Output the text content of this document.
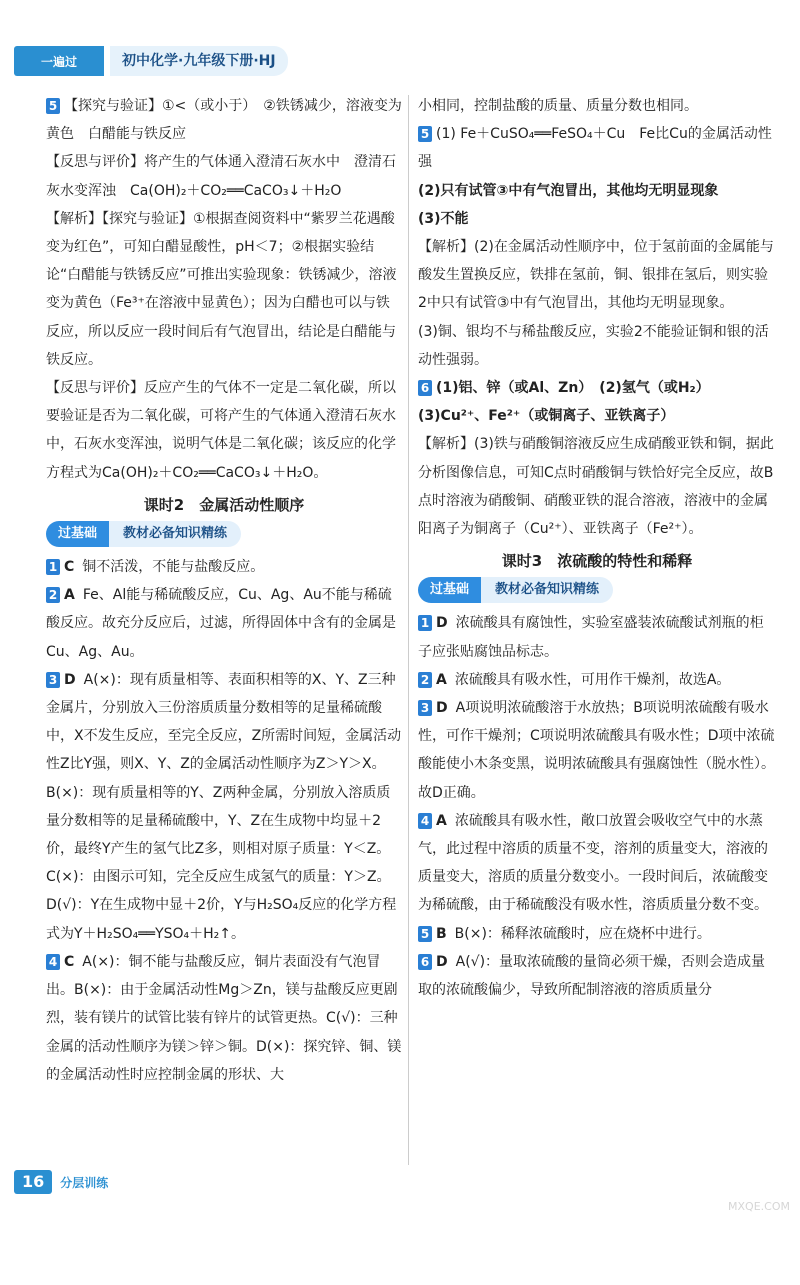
一遍过	初中化学·九年级下册·HJ

5 【探究与验证】①<（或小于）　②铁锈减少，溶液变为黄色　白醋能与铁反应

【反思与评价】将产生的气体通入澄清石灰水中　澄清石灰水变浑浊　Ca(OH)₂＋CO₂══CaCO₃↓＋H₂O

【解析】【探究与验证】①根据查阅资料中“紫罗兰花遇酸变为红色”，可知白醋显酸性，pH＜7；②根据实验结论“白醋能与铁锈反应”可推出实验现象：铁锈减少，溶液变为黄色（Fe³⁺在溶液中显黄色）；因为白醋也可以与铁反应，所以反应一段时间后有气泡冒出，结论是白醋能与铁反应。

【反思与评价】反应产生的气体不一定是二氧化碳，所以要验证是否为二氧化碳，可将产生的气体通入澄清石灰水中，石灰水变浑浊，说明气体是二氧化碳；该反应的化学方程式为Ca(OH)₂＋CO₂══CaCO₃↓＋H₂O。

课时2　金属活动性顺序
过基础	教材必备知识精练

1 C 铜不活泼，不能与盐酸反应。

2 A Fe、Al能与稀硫酸反应，Cu、Ag、Au不能与稀硫酸反应。故充分反应后，过滤，所得固体中含有的金属是Cu、Ag、Au。

3 D A(×)：现有质量相等、表面积相等的X、Y、Z三种金属片，分别放入三份溶质质量分数相等的足量稀硫酸中，X不发生反应，至完全反应，Z所需时间短，金属活动性Z比Y强，则X、Y、Z的金属活动性顺序为Z＞Y＞X。B(×)：现有质量相等的Y、Z两种金属，分别放入溶质质量分数相等的足量稀硫酸中，Y、Z在生成物中均显＋2价，最终Y产生的氢气比Z多，则相对原子质量：Y＜Z。C(×)：由图示可知，完全反应生成氢气的质量：Y＞Z。D(√)：Y在生成物中显＋2价，Y与H₂SO₄反应的化学方程式为Y＋H₂SO₄══YSO₄＋H₂↑。

4 C A(×)：铜不能与盐酸反应，铜片表面没有气泡冒出。B(×)：由于金属活动性Mg＞Zn，镁与盐酸反应更剧烈，装有镁片的试管比装有锌片的试管更热。C(√)：三种金属的活动性顺序为镁＞锌＞铜。D(×)：探究锌、铜、镁的金属活动性时应控制金属的形状、大

小相同，控制盐酸的质量、质量分数也相同。

5 (1) Fe＋CuSO₄══FeSO₄＋Cu　Fe比Cu的金属活动性强

(2)只有试管③中有气泡冒出，其他均无明显现象

(3)不能

【解析】(2)在金属活动性顺序中，位于氢前面的金属能与酸发生置换反应，铁排在氢前，铜、银排在氢后，则实验2中只有试管③中有气泡冒出，其他均无明显现象。

(3)铜、银均不与稀盐酸反应，实验2不能验证铜和银的活动性强弱。

6 (1)铝、锌（或Al、Zn）　(2)氢气（或H₂）

(3)Cu²⁺、Fe²⁺（或铜离子、亚铁离子）

【解析】(3)铁与硝酸铜溶液反应生成硝酸亚铁和铜，据此分析图像信息，可知C点时硝酸铜与铁恰好完全反应，故B点时溶液为硝酸铜、硝酸亚铁的混合溶液，溶液中的金属阳离子为铜离子（Cu²⁺）、亚铁离子（Fe²⁺）。

课时3　浓硫酸的特性和稀释
过基础	教材必备知识精练

1 D 浓硫酸具有腐蚀性，实验室盛装浓硫酸试剂瓶的柜子应张贴腐蚀品标志。

2 A 浓硫酸具有吸水性，可用作干燥剂，故选A。

3 D A项说明浓硫酸溶于水放热；B项说明浓硫酸有吸水性，可作干燥剂；C项说明浓硫酸具有吸水性；D项中浓硫酸能使小木条变黑，说明浓硫酸具有强腐蚀性（脱水性）。故D正确。

4 A 浓硫酸具有吸水性，敞口放置会吸收空气中的水蒸气，此过程中溶质的质量不变，溶剂的质量变大，溶液的质量变大，溶质的质量分数变小。一段时间后，浓硫酸变为稀硫酸，由于稀硫酸没有吸水性，溶质质量分数不变。

5 B B(×)：稀释浓硫酸时，应在烧杯中进行。

6 D A(√)：量取浓硫酸的量筒必须干燥，否则会造成量取的浓硫酸偏少，导致所配制溶液的溶质质量分

16	分层训练
MXQE.COM
